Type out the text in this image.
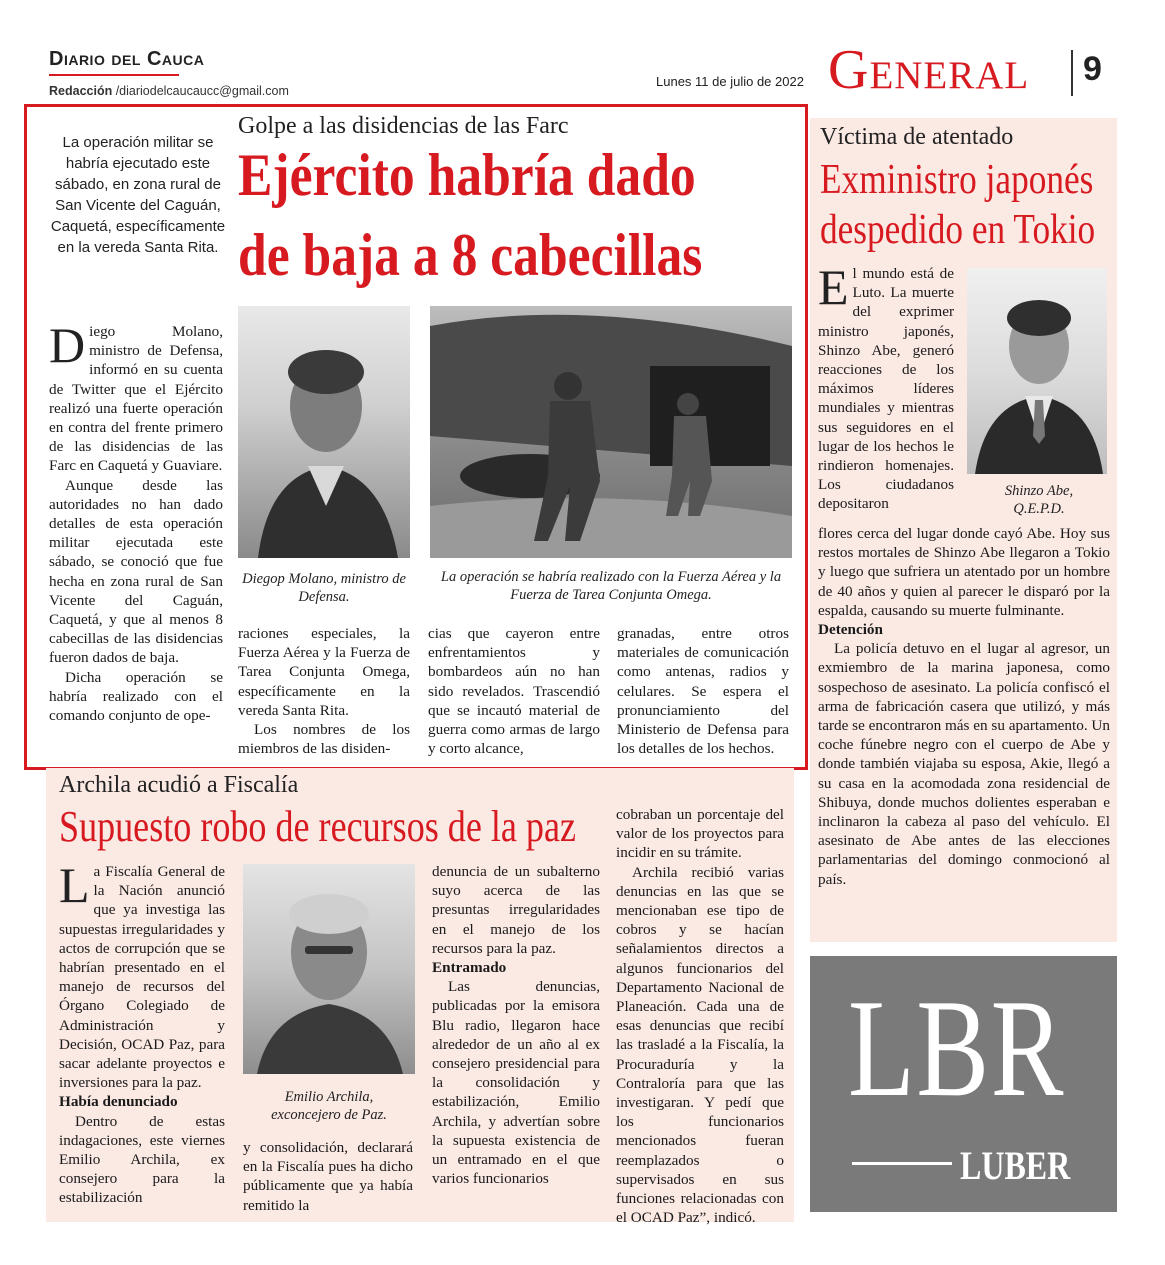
Diario del Cauca
Redacción /diariodelcaucaucc@gmail.com
Lunes 11 de julio de 2022 General 9
La operación militar se habría ejecutado este sábado, en zona rural de San Vicente del Caguán, Caquetá, específicamente en la vereda Santa Rita.
Golpe a las disidencias de las Farc
Ejército habría dado
de baja a 8 cabecillas

Diego Molano, ministro de Defensa, informó en su cuenta de Twitter que el Ejército realizó una fuerte operación en contra del frente primero de las disidencias de las Farc en Caquetá y Guaviare.

Aunque desde las autoridades no han dado detalles de esta operación militar ejecutada este sábado, se conoció que fue hecha en zona rural de San Vicente del Caguán, Caquetá, y que al menos 8 cabecillas de las disidencias fueron dados de baja.

Dicha operación se habría realizado con el comando conjunto de ope-

Diegop Molano, ministro de Defensa.
La operación se habría realizado con la Fuerza Aérea y la Fuerza de Tarea Conjunta Omega.

raciones especiales, la Fuerza Aérea y la Fuerza de Tarea Conjunta Omega, específicamente en la vereda Santa Rita.

Los nombres de los miembros de las disiden-

cias que cayeron entre enfrentamientos y bombardeos aún no han sido revelados. Trascendió que se incautó material de guerra como armas de largo y corto alcance,

granadas, entre otros materiales de comunicación como antenas, radios y celulares. Se espera el pronunciamiento del Ministerio de Defensa para los detalles de los hechos.

Víctima de atentado
Exministro japonés
despedido en Tokio

El mundo está de Luto. La muerte del exprimer ministro japonés, Shinzo Abe, generó reacciones de los máximos líderes mundiales y mientras sus seguidores en el lugar de los hechos le rindieron homenajes. Los ciudadanos depositaron

Shinzo Abe,
Q.E.P.D.

flores cerca del lugar donde cayó Abe. Hoy sus restos mortales de Shinzo Abe llegaron a Tokio y luego que sufriera un atentado por un hombre de 40 años y quien al parecer le disparó por la espalda, causando su muerte fulminante.

Detención

La policía detuvo en el lugar al agresor, un exmiembro de la marina japonesa, como sospechoso de asesinato. La policía confiscó el arma de fabricación casera que utilizó, y más tarde se encontraron más en su apartamento. Un coche fúnebre negro con el cuerpo de Abe y donde también viajaba su esposa, Akie, llegó a su casa en la acomodada zona residencial de Shibuya, donde muchos dolientes esperaban e inclinaron la cabeza al paso del vehículo. El asesinato de Abe antes de las elecciones parlamentarias del domingo conmocionó al país.

Archila acudió a Fiscalía
Supuesto robo de recursos de la paz

La Fiscalía General de la Nación anunció que ya investiga las supuestas irregularidades y actos de corrupción que se habrían presentado en el manejo de recursos del Órgano Colegiado de Administración y Decisión, OCAD Paz, para sacar adelante proyectos e inversiones para la paz.

Había denunciado

Dentro de estas indagaciones, este viernes Emilio Archila, ex consejero para la estabilización

Emilio Archila,
exconcejero de Paz.

y consolidación, declarará en la Fiscalía pues ha dicho públicamente que ya había remitido la

denuncia de un subalterno suyo acerca de las presuntas irregularidades en el manejo de los recursos para la paz.

Entramado

Las denuncias, publicadas por la emisora Blu radio, llegaron hace alrededor de un año al ex consejero presidencial para la consolidación y estabilización, Emilio Archila, y advertían sobre la supuesta existencia de un entramado en el que varios funcionarios

cobraban un porcentaje del valor de los proyectos para incidir en su trámite.

Archila recibió varias denuncias en las que se mencionaban ese tipo de cobros y se hacían señalamientos directos a algunos funcionarios del Departamento Nacional de Planeación. Cada una de esas denuncias que recibí las trasladé a la Fiscalía, la Procuraduría y la Contraloría para que las investigaran. Y pedí que los funcionarios mencionados fueran reemplazados o supervisados en sus funciones relacionadas con el OCAD Paz”, indicó.

LBR
LUBER
